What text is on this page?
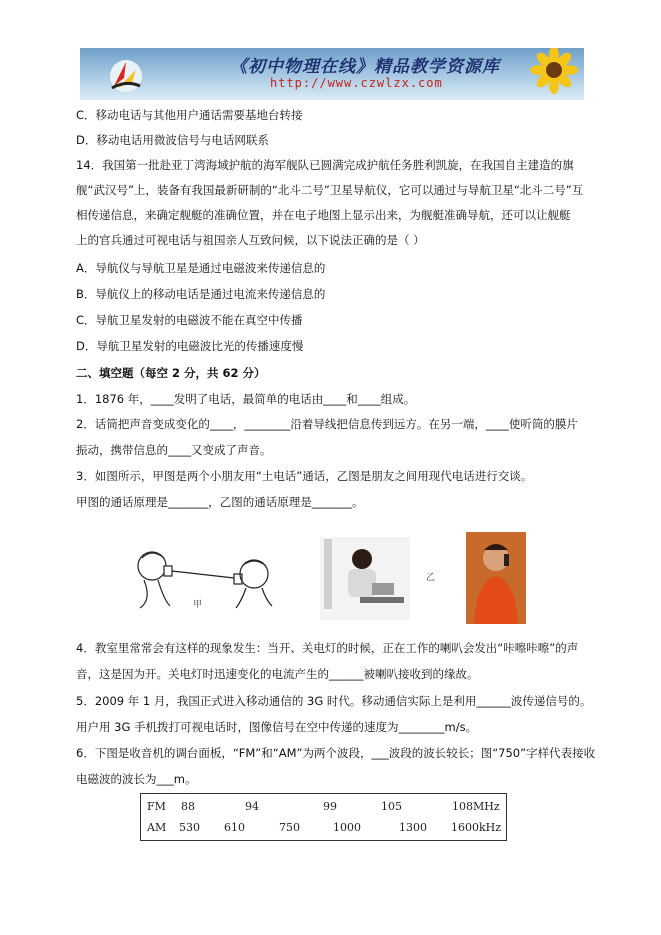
《初中物理在线》精品教学资源库
http://www.czwlzx.com
C．移动电话与其他用户通话需要基地台转接
D．移动电话用微波信号与电话网联系
14．我国第一批赴亚丁湾海域护航的海军舰队已圆满完成护航任务胜利凯旋，在我国自主建造的旗
舰“武汉号”上，装备有我国最新研制的“北斗二号”卫星导航仪，它可以通过与导航卫星“北斗二号”互
相传递信息，来确定舰艇的准确位置，并在电子地图上显示出来，为舰艇准确导航，还可以让舰艇
上的官兵通过可视电话与祖国亲人互致问候，以下说法正确的是（ ）
A．导航仪与导航卫星是通过电磁波来传递信息的
B．导航仪上的移动电话是通过电流来传递信息的
C．导航卫星发射的电磁波不能在真空中传播
D．导航卫星发射的电磁波比光的传播速度慢
二、填空题（每空 2 分，共 62 分）
1．1876 年，____发明了电话，最简单的电话由____和____组成。
2．话筒把声音变成变化的____，________沿着导线把信息传到远方。在另一端，____使听筒的膜片
振动，携带信息的____又变成了声音。
3．如图所示，甲图是两个小朋友用“土电话”通话，乙图是朋友之间用现代电话进行交谈。
甲图的通话原理是_______，乙图的通话原理是_______。
甲
乙
4．教室里常常会有这样的现象发生：当开、关电灯的时候，正在工作的喇叭会发出“咔嚓咔嚓”的声
音，这是因为开。关电灯时迅速变化的电流产生的______被喇叭接收到的缘故。
5．2009 年 1 月，我国正式进入移动通信的 3G 时代。移动通信实际上是利用______波传递信号的。
用户用 3G 手机拨打可视电话时，图像信号在空中传递的速度为________m/s。
6．下图是收音机的调台面板，“FM”和“AM”为两个波段，___波段的波长较长；图“750”字样代表接收
电磁波的波长为___m。
FM 88	94	99	105	108MHz
AM 530 610	750	1000	1300 1600kHz
